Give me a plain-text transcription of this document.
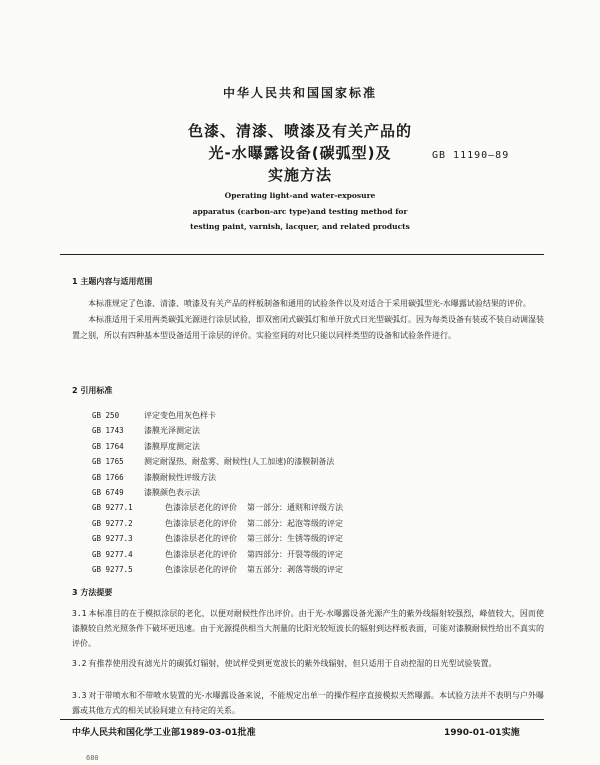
中华人民共和国国家标准
色漆、清漆、喷漆及有关产品的
光-水曝露设备(碳弧型)及
实施方法
GB 11190—89
Operating light-and water-exposure
apparatus (carbon-arc type)and testing method for
testing paint, varnish, lacquer, and related products
1 主题内容与适用范围

本标准规定了色漆、清漆、喷漆及有关产品的样板制备和通用的试验条件以及对适合于采用碳弧型光-水曝露试验结果的评价。

本标准适用于采用两类碳弧光源进行涂层试验，即双密闭式碳弧灯和单开放式日光型碳弧灯。因为每类设备有装或不装自动调湿装置之别，所以有四种基本型设备适用于涂层的评价。实验室间的对比只能以同样类型的设备和试验条件进行。

2 引用标准
GB 250	评定变色用灰色样卡
GB 1743	漆膜光泽测定法
GB 1764	漆膜厚度测定法
GB 1765	测定耐湿热、耐盐雾、耐候性(人工加速)的漆膜制备法
GB 1766	漆膜耐候性评级方法
GB 6749	漆膜颜色表示法
GB 9277.1	色漆涂层老化的评价 第一部分：通则和评级方法
GB 9277.2	色漆涂层老化的评价 第二部分：起泡等级的评定
GB 9277.3	色漆涂层老化的评价 第三部分：生锈等级的评定
GB 9277.4	色漆涂层老化的评价 第四部分：开裂等级的评定
GB 9277.5	色漆涂层老化的评价 第五部分：剥落等级的评定
3 方法提要
3.1 本标准目的在于模拟涂层的老化，以便对耐候性作出评价。由于光-水曝露设备光源产生的紫外线辐射较强烈，峰值较大，因而使漆膜较自然光照条件下破坏更迅速。由于光源提供相当大剂量的比阳光较短波长的辐射到达样板表面，可能对漆膜耐候性给出不真实的评价。
3.2 有推荐使用没有滤光片的碳弧灯辐射，使试样受到更宽波长的紫外线辐射，但只适用于自动控湿的日光型试验装置。
3.3 对于带喷水和不带喷水装置的光-水曝露设备来说，不能规定出单一的操作程序直接模拟天然曝露。本试验方法并不表明与户外曝露或其他方式的相关试验间建立有持定的关系。
中华人民共和国化学工业部1989-03-01批准	1990-01-01实施
680
